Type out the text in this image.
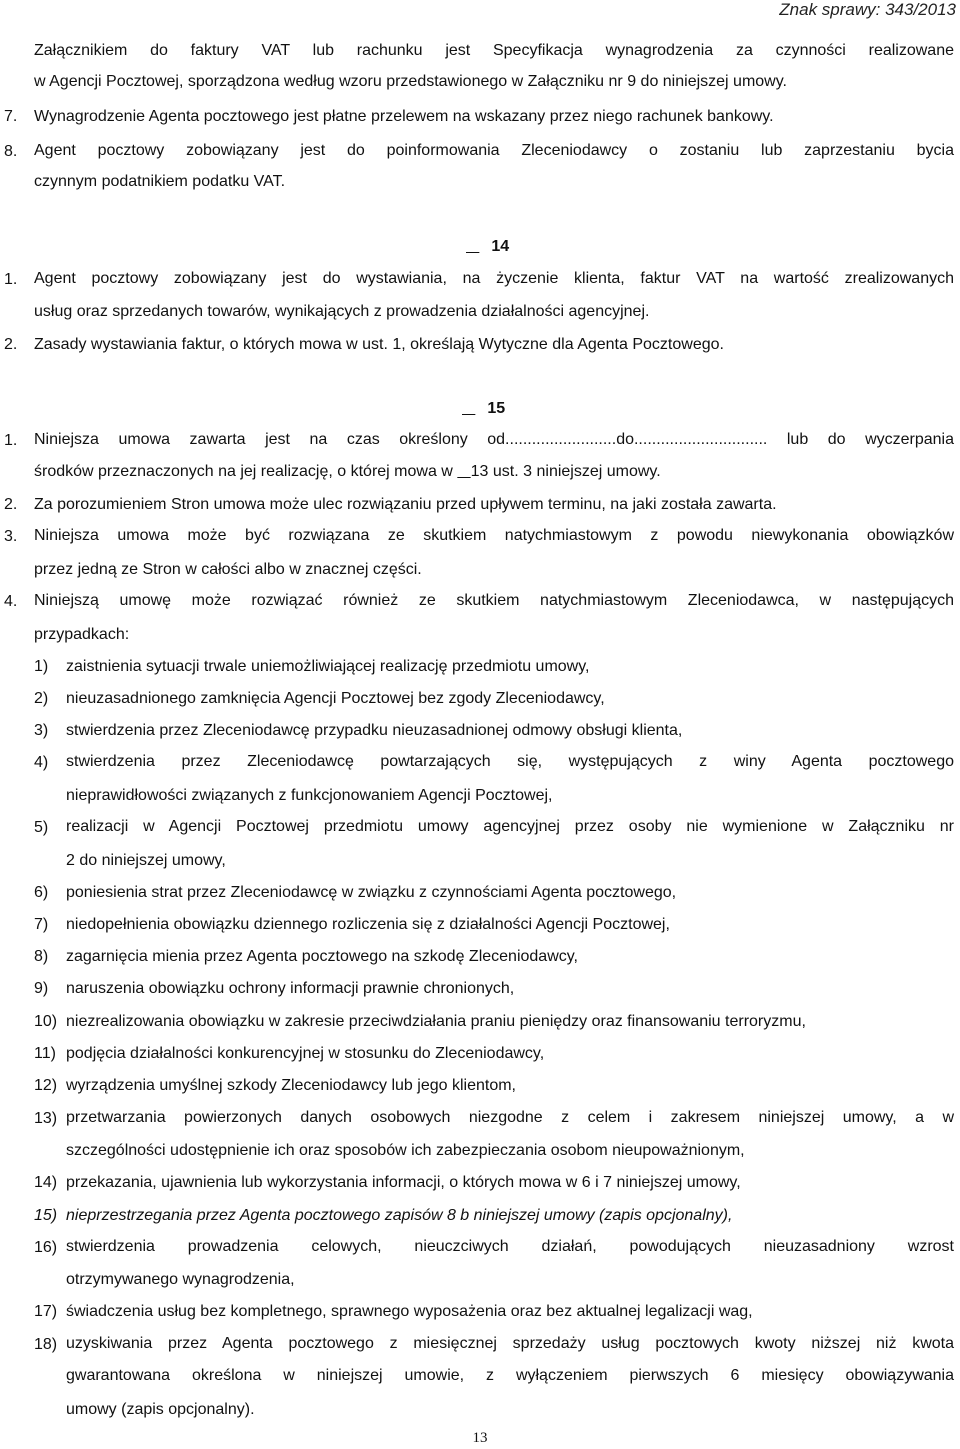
Znak sprawy: 343/2013
Załącznikiem do faktury VAT lub rachunku jest Specyfikacja wynagrodzenia za czynności realizowane
w Agencji Pocztowej, sporządzona według wzoru przedstawionego w Załączniku nr 9 do niniejszej umowy.
7. Wynagrodzenie Agenta pocztowego jest płatne przelewem na wskazany przez niego rachunek bankowy.
8. Agent pocztowy zobowiązany jest do poinformowania Zleceniodawcy o zostaniu lub zaprzestaniu bycia
czynnym podatnikiem podatku VAT.
14
1. Agent pocztowy zobowiązany jest do wystawiania, na życzenie klienta, faktur VAT na wartość zrealizowanych
usług oraz sprzedanych towarów, wynikających z prowadzenia działalności agencyjnej.
2. Zasady wystawiania faktur, o których mowa w ust. 1, określają Wytyczne dla Agenta Pocztowego.
15
1. Niniejsza umowa zawarta jest na czas określony od.........................do.............................. lub do wyczerpania
środków przeznaczonych na jej realizację, o której mowa w 13 ust. 3 niniejszej umowy.
2. Za porozumieniem Stron umowa może ulec rozwiązaniu przed upływem terminu, na jaki została zawarta.
3. Niniejsza umowa może być rozwiązana ze skutkiem natychmiastowym z powodu niewykonania obowiązków
przez jedną ze Stron w całości albo w znacznej części.
4. Niniejszą umowę może rozwiązać również ze skutkiem natychmiastowym Zleceniodawca, w następujących
przypadkach:
1) zaistnienia sytuacji trwale uniemożliwiającej realizację przedmiotu umowy,
2) nieuzasadnionego zamknięcia Agencji Pocztowej bez zgody Zleceniodawcy,
3) stwierdzenia przez Zleceniodawcę przypadku nieuzasadnionej odmowy obsługi klienta,
4) stwierdzenia przez Zleceniodawcę powtarzających się, występujących z winy Agenta pocztowego
nieprawidłowości związanych z funkcjonowaniem Agencji Pocztowej,
5) realizacji w Agencji Pocztowej przedmiotu umowy agencyjnej przez osoby nie wymienione w Załączniku nr
2 do niniejszej umowy,
6) poniesienia strat przez Zleceniodawcę w związku z czynnościami Agenta pocztowego,
7) niedopełnienia obowiązku dziennego rozliczenia się z działalności Agencji Pocztowej,
8) zagarnięcia mienia przez Agenta pocztowego na szkodę Zleceniodawcy,
9) naruszenia obowiązku ochrony informacji prawnie chronionych,
10) niezrealizowania obowiązku w zakresie przeciwdziałania praniu pieniędzy oraz finansowaniu terroryzmu,
11) podjęcia działalności konkurencyjnej w stosunku do Zleceniodawcy,
12) wyrządzenia umyślnej szkody Zleceniodawcy lub jego klientom,
13) przetwarzania powierzonych danych osobowych niezgodne z celem i zakresem niniejszej umowy, a w
szczególności udostępnienie ich oraz sposobów ich zabezpieczania osobom nieupoważnionym,
14) przekazania, ujawnienia lub wykorzystania informacji, o których mowa w 6 i 7 niniejszej umowy,
15) nieprzestrzegania przez Agenta pocztowego zapisów 8 b niniejszej umowy (zapis opcjonalny),
16) stwierdzenia prowadzenia celowych, nieuczciwych działań, powodujących nieuzasadniony wzrost
otrzymywanego wynagrodzenia,
17) świadczenia usług bez kompletnego, sprawnego wyposażenia oraz bez aktualnej legalizacji wag,
18) uzyskiwania przez Agenta pocztowego z miesięcznej sprzedaży usług pocztowych kwoty niższej niż kwota
gwarantowana określona w niniejszej umowie, z wyłączeniem pierwszych 6 miesięcy obowiązywania
umowy (zapis opcjonalny).
13
